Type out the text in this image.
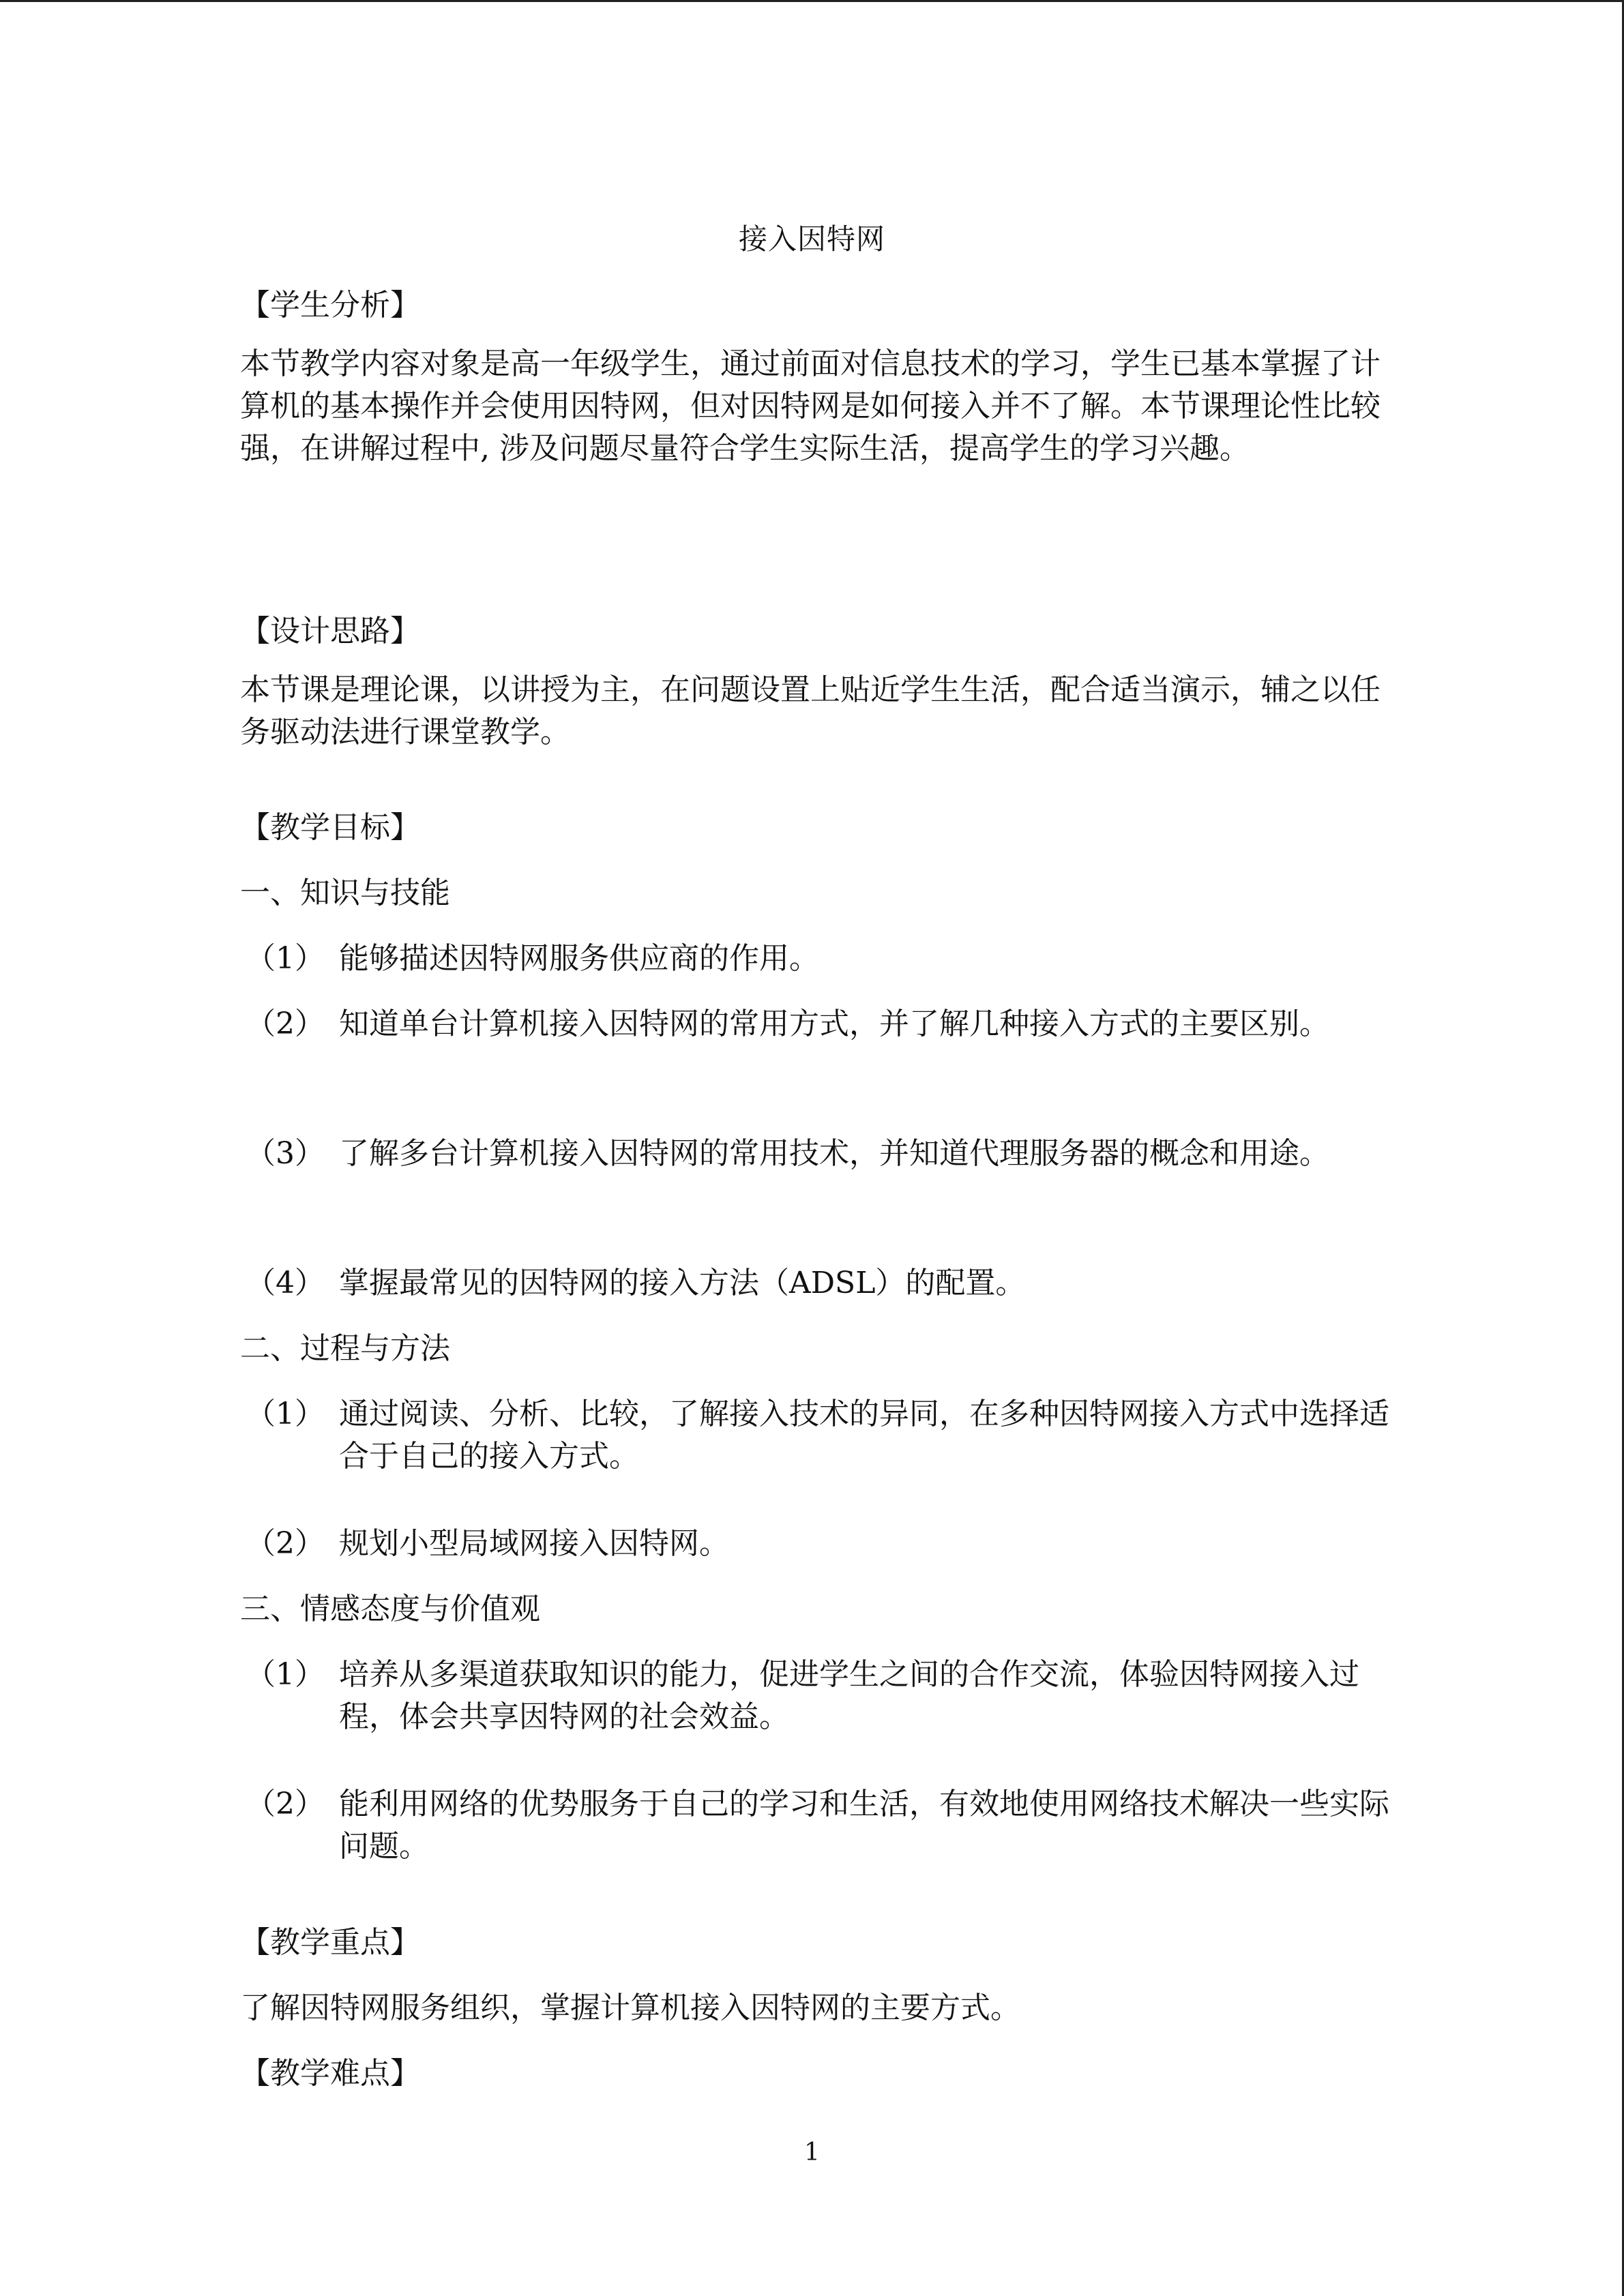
接入因特网
【学生分析】
本节教学内容对象是高一年级学生，通过前面对信息技术的学习，学生已基本掌握了计算机的基本操作并会使用因特网，但对因特网是如何接入并不了解。本节课理论性比较强，在讲解过程中, 涉及问题尽量符合学生实际生活，提高学生的学习兴趣。
【设计思路】
本节课是理论课，以讲授为主，在问题设置上贴近学生生活，配合适当演示，辅之以任务驱动法进行课堂教学。
【教学目标】
一、知识与技能
（1） 能够描述因特网服务供应商的作用。
（2） 知道单台计算机接入因特网的常用方式，并了解几种接入方式的主要区别。
（3） 了解多台计算机接入因特网的常用技术，并知道代理服务器的概念和用途。
（4） 掌握最常见的因特网的接入方法（ADSL）的配置。
二、过程与方法
（1） 通过阅读、分析、比较，了解接入技术的异同，在多种因特网接入方式中选择适合于自己的接入方式。
（2） 规划小型局域网接入因特网。
三、情感态度与价值观
（1） 培养从多渠道获取知识的能力，促进学生之间的合作交流，体验因特网接入过程，体会共享因特网的社会效益。
（2） 能利用网络的优势服务于自己的学习和生活，有效地使用网络技术解决一些实际问题。
【教学重点】
了解因特网服务组织，掌握计算机接入因特网的主要方式。
【教学难点】
1
